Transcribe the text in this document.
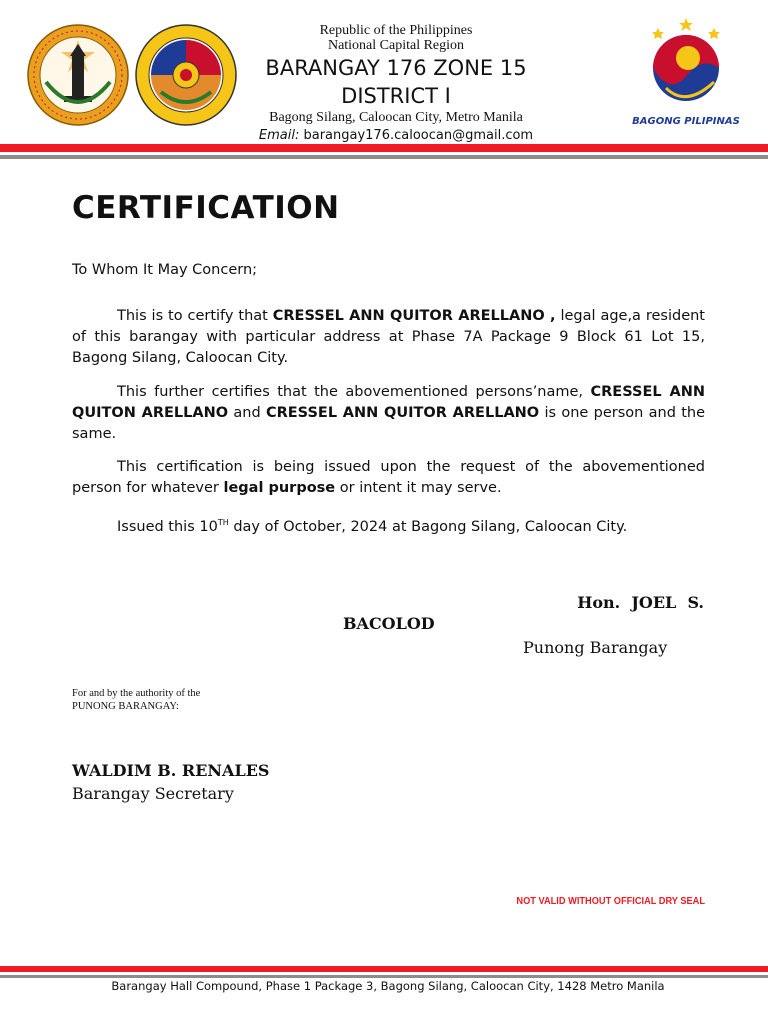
Republic of the Philippines
National Capital Region
BARANGAY 176 ZONE 15
DISTRICT I
Bagong Silang, Caloocan City, Metro Manila
Email: barangay176.caloocan@gmail.com
BAGONG PILIPINAS
CERTIFICATION
To Whom It May Concern;
This is to certify that CRESSEL ANN QUITOR ARELLANO , legal age,a resident of this barangay with particular address at Phase 7A Package 9 Block 61 Lot 15, Bagong Silang, Caloocan City.
This further certifies that the abovementioned persons’name, CRESSEL ANN QUITON ARELLANO and CRESSEL ANN QUITOR ARELLANO is one person and the same.
This certification is being issued upon the request of the abovementioned person for whatever legal purpose or intent it may serve.
Issued this 10TH day of October, 2024 at Bagong Silang, Caloocan City.
Hon.  JOEL  S.
BACOLOD
Punong Barangay
For and by the authority of the
PUNONG BARANGAY:
WALDIM B. RENALES
Barangay Secretary
NOT VALID WITHOUT OFFICIAL DRY SEAL
Barangay Hall Compound, Phase 1 Package 3, Bagong Silang, Caloocan City, 1428 Metro Manila
